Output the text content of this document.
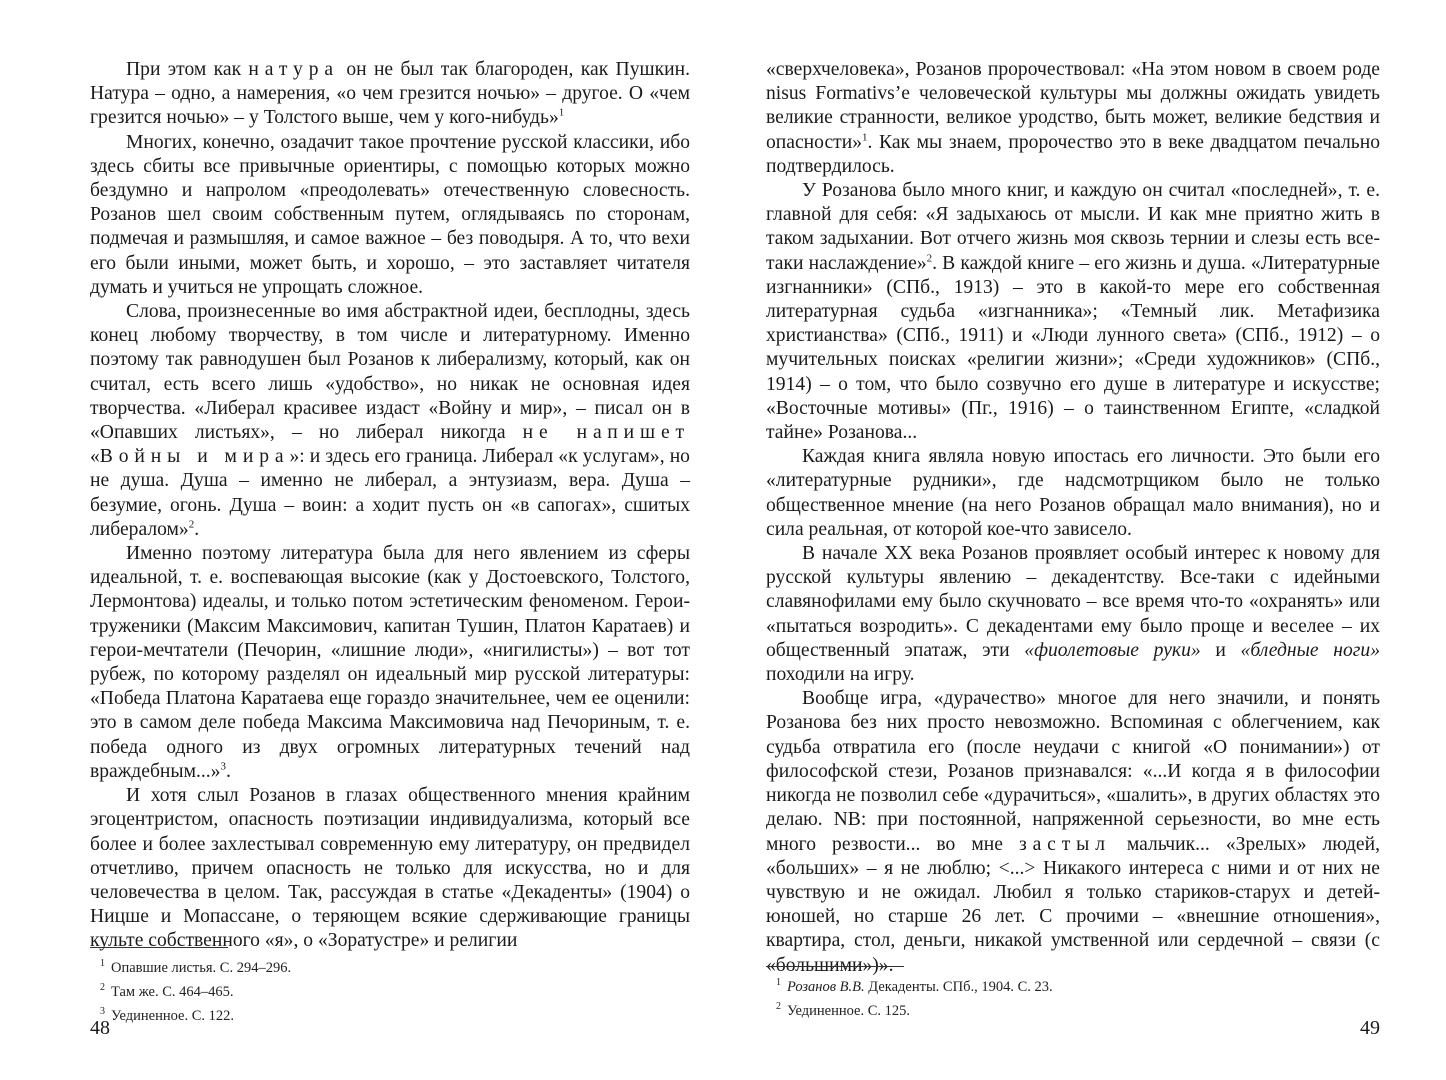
При этом как натура он не был так благороден, как Пушкин. Натура – одно, а намерения, «о чем грезится ночью» – другое. О «чем грезится ночью» – у Толстого выше, чем у кого-нибудь»$^1$

Многих, конечно, озадачит такое прочтение русской классики, ибо здесь сбиты все привычные ориентиры, с помощью которых можно бездумно и напролом «преодолевать» отечественную словесность. Розанов шел своим собственным путем, оглядываясь по сторонам, подмечая и размышляя, и самое важное – без поводыря. А то, что вехи его были иными, может быть, и хорошо, – это заставляет читателя думать и учиться не упрощать сложное.

Слова, произнесенные во имя абстрактной идеи, бесплодны, здесь конец любому творчеству, в том числе и литературному. Именно поэтому так равнодушен был Розанов к либерализму, который, как он считал, есть всего лишь «удобство», но никак не основная идея творчества. «Либерал красивее издаст «Войну и мир», – писал он в «Опавших листьях», – но либерал никогда не напишет «Войны и мира»: и здесь его граница. Либерал «к услугам», но не душа. Душа – именно не либерал, а энтузиазм, вера. Душа – безумие, огонь. Душа – воин: а ходит пусть он «в сапогах», сшитых либералом»$^2$.

Именно поэтому литература была для него явлением из сферы идеальной, т. е. воспевающая высокие (как у Достоевского, Толстого, Лермонтова) идеалы, и только потом эстетическим феноменом. Герои-труженики (Максим Максимович, капитан Тушин, Платон Каратаев) и герои-мечтатели (Печорин, «лишние люди», «нигилисты») – вот тот рубеж, по которому разделял он идеальный мир русской литературы: «Победа Платона Каратаева еще гораздо значительнее, чем ее оценили: это в самом деле победа Максима Максимовича над Печориным, т. е. победа одного из двух огромных литературных течений над враждебным...»$^3$.

И хотя слыл Розанов в глазах общественного мнения крайним эгоцентристом, опасность поэтизации индивидуализма, который все более и более захлестывал современную ему литературу, он предвидел отчетливо, причем опасность не только для искусства, но и для человечества в целом. Так, рассуждая в статье «Декаденты» (1904) о Ницше и Мопассане, о теряющем всякие сдерживающие границы культе собственного «я», о «Зоратустре» и религии

$^1$ Опавшие листья. С. 294–296.
$^2$ Там же. С. 464–465.
$^3$ Уединенное. С. 122.
48

«сверхчеловека», Розанов пророчествовал: «На этом новом в своем роде nisus Formativs’е человеческой культуры мы должны ожидать увидеть великие странности, великое уродство, быть может, великие бедствия и опасности»$^1$. Как мы знаем, пророчество это в веке двадцатом печально подтвердилось.

У Розанова было много книг, и каждую он считал «последней», т. е. главной для себя: «Я задыхаюсь от мысли. И как мне приятно жить в таком задыхании. Вот отчего жизнь моя сквозь тернии и слезы есть все-таки наслаждение»$^2$. В каждой книге – его жизнь и душа. «Литературные изгнанники» (СПб., 1913) – это в какой-то мере его собственная литературная судьба «изгнанника»; «Темный лик. Метафизика христианства» (СПб., 1911) и «Люди лунного света» (СПб., 1912) – о мучительных поисках «религии жизни»; «Среди художников» (СПб., 1914) – о том, что было созвучно его душе в литературе и искусстве; «Восточные мотивы» (Пг., 1916) – о таинственном Египте, «сладкой тайне» Розанова...

Каждая книга являла новую ипостась его личности. Это были его «литературные рудники», где надсмотрщиком было не только общественное мнение (на него Розанов обращал мало внимания), но и сила реальная, от которой кое-что зависело.

В начале XX века Розанов проявляет особый интерес к новому для русской культуры явлению – декадентству. Все-таки с идейными славянофилами ему было скучновато – все время что-то «охранять» или «пытаться возродить». С декадентами ему было проще и веселее – их общественный эпатаж, эти «фиолетовые руки» и «бледные ноги» походили на игру.

Вообще игра, «дурачество» многое для него значили, и понять Розанова без них просто невозможно. Вспоминая с облегчением, как судьба отвратила его (после неудачи с книгой «О понимании») от философской стези, Розанов признавался: «...И когда я в философии никогда не позволил себе «дурачиться», «шалить», в других областях это делаю. NB: при постоянной, напряженной серьезности, во мне есть много резвости... во мне застыл мальчик... «Зрелых» людей, «больших» – я не люблю; <...> Никакого интереса с ними и от них не чувствую и не ожидал. Любил я только стариков-старух и детей-юношей, но старше 26 лет. С прочими – «внешние отношения», квартира, стол, деньги, никакой умственной или сердечной – связи (с «большими»)».

$^1$ Розанов В.В. Декаденты. СПб., 1904. С. 23.
$^2$ Уединенное. С. 125.
49
